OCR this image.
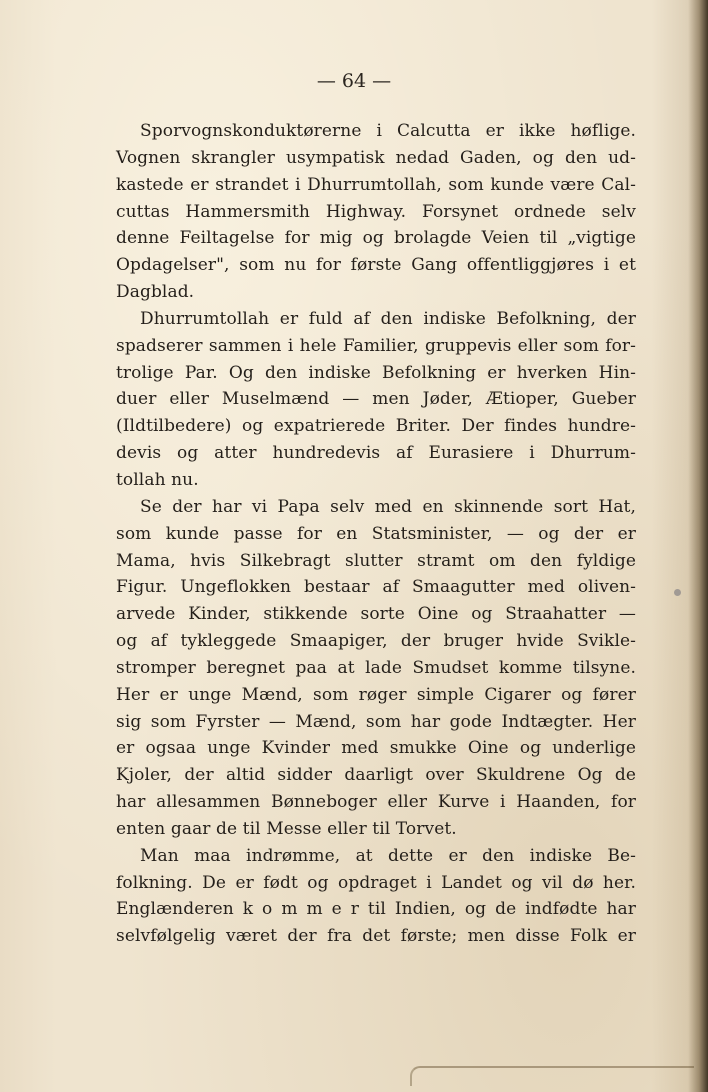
— 64 —
Sporvognskonduktørerne i Calcutta er ikke høflige.
Vognen skrangler usympatisk nedad Gaden, og den ud-
kastede er strandet i Dhurrumtollah, som kunde være Cal-
cuttas Hammersmith Highway. Forsynet ordnede selv
denne Feiltagelse for mig og brolagde Veien til „vigtige
Opdagelser", som nu for første Gang offentliggjøres i et
Dagblad.
Dhurrumtollah er fuld af den indiske Befolkning, der
spadserer sammen i hele Familier, gruppevis eller som for-
trolige Par. Og den indiske Befolkning er hverken Hin-
duer eller Muselmænd — men Jøder, Ætioper, Gueber
(Ildtilbedere) og expatrierede Briter. Der findes hundre-
devis og atter hundredevis af Eurasiere i Dhurrum-
tollah nu.
Se der har vi Papa selv med en skinnende sort Hat,
som kunde passe for en Statsminister, — og der er
Mama, hvis Silkebragt slutter stramt om den fyldige
Figur. Ungeflokken bestaar af Smaagutter med oliven-
arvede Kinder, stikkende sorte Oine og Straahatter —
og af tykleggede Smaapiger, der bruger hvide Svikle-
stromper beregnet paa at lade Smudset komme tilsyne.
Her er unge Mænd, som røger simple Cigarer og fører
sig som Fyrster — Mænd, som har gode Indtægter. Her
er ogsaa unge Kvinder med smukke Oine og underlige
Kjoler, der altid sidder daarligt over Skuldrene Og de
har allesammen Bønneboger eller Kurve i Haanden, for
enten gaar de til Messe eller til Torvet.
Man maa indrømme, at dette er den indiske Be-
folkning. De er født og opdraget i Landet og vil dø her.
Englænderen k o m m e r til Indien, og de indfødte har
selvfølgelig været der fra det første; men disse Folk er
